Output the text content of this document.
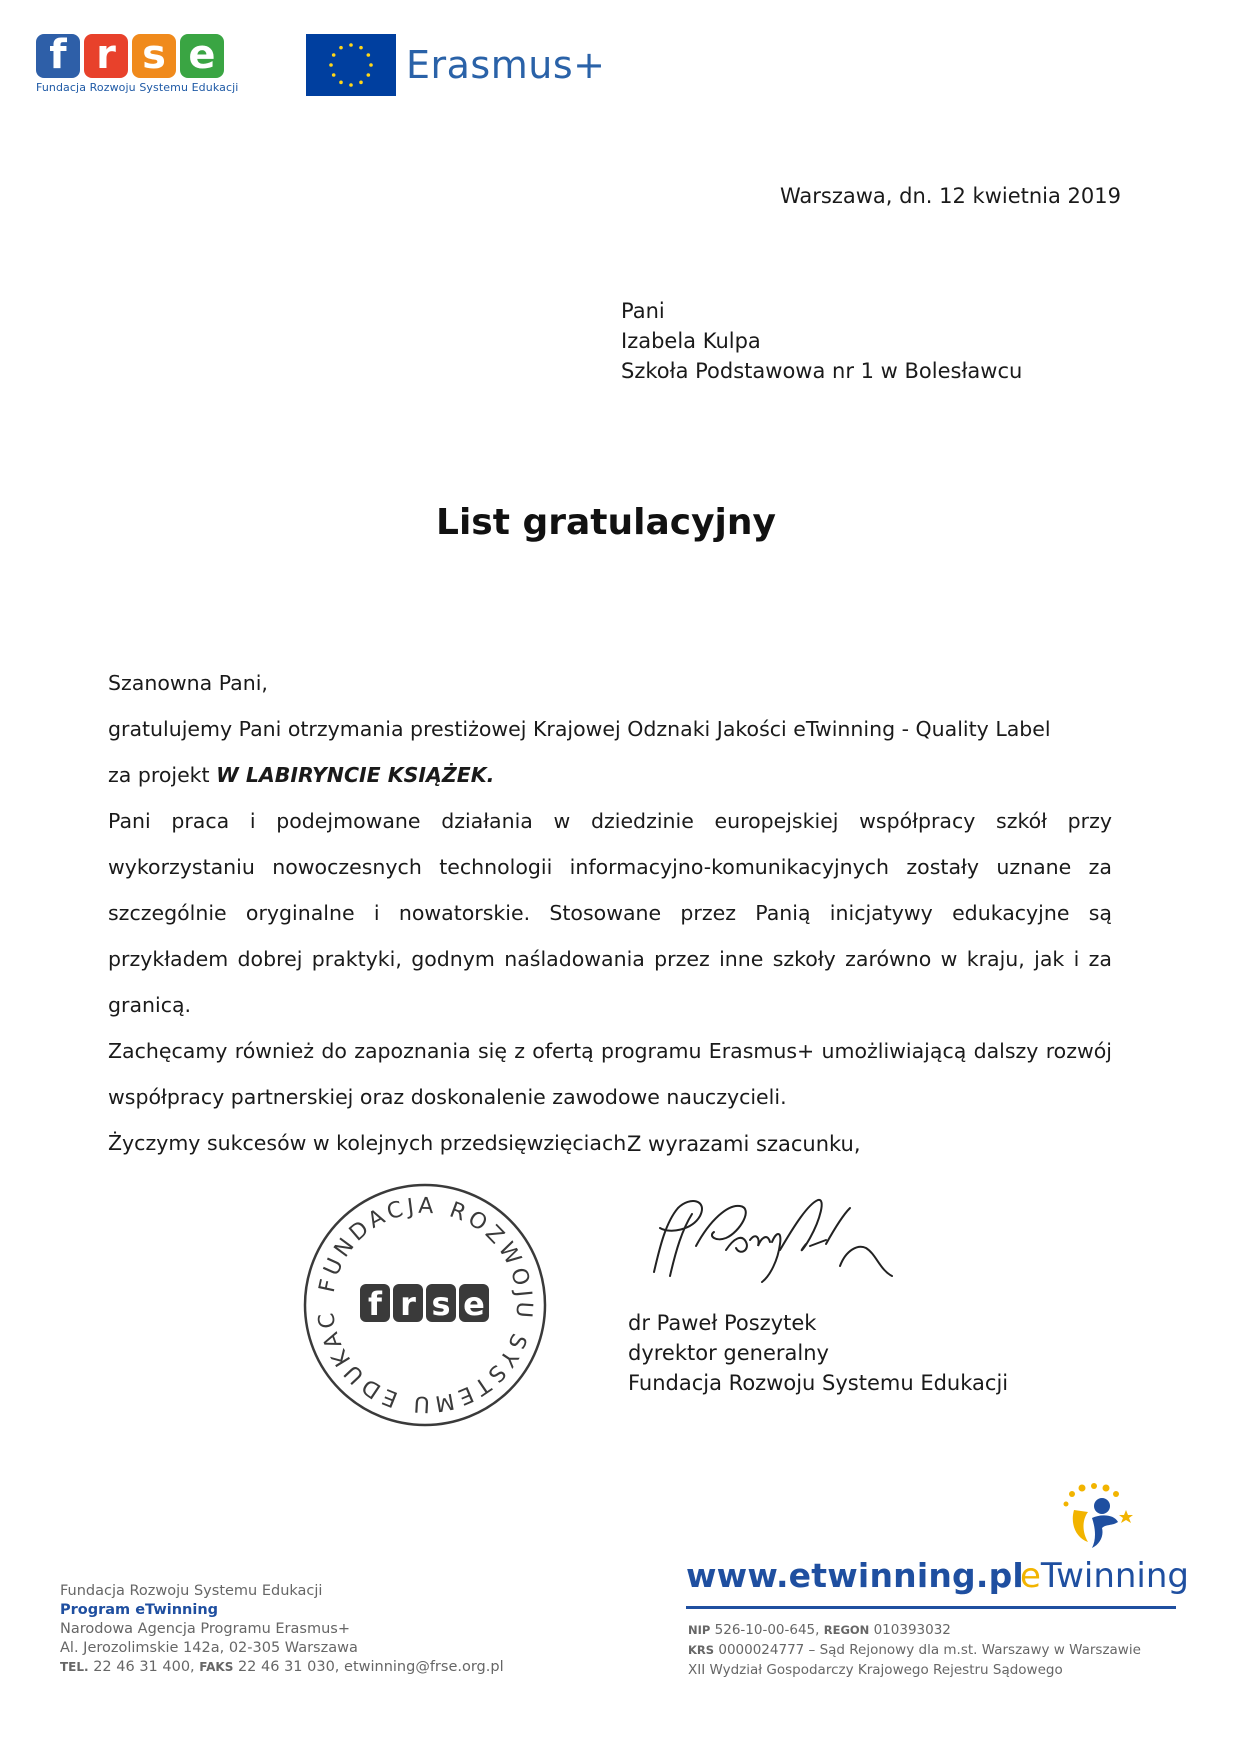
f r s e
Fundacja Rozwoju Systemu Edukacji
Erasmus+
Warszawa, dn. 12 kwietnia 2019
Pani
Izabela Kulpa
Szkoła Podstawowa nr 1 w Bolesławcu
List gratulacyjny

Szanowna Pani,

gratulujemy Pani otrzymania prestiżowej Krajowej Odznaki Jakości eTwinning - Quality Label
za projekt W LABIRYNCIE KSIĄŻEK.

Pani praca i podejmowane działania w dziedzinie europejskiej współpracy szkół przy wykorzystaniu nowoczesnych technologii informacyjno-komunikacyjnych zostały uznane za szczególnie oryginalne i nowatorskie. Stosowane przez Panią inicjatywy edukacyjne są przykładem dobrej praktyki, godnym naśladowania przez inne szkoły zarówno w kraju, jak i za granicą.

Zachęcamy również do zapoznania się z ofertą programu Erasmus+ umożliwiającą dalszy rozwój współpracy partnerskiej oraz doskonalenie zawodowe nauczycieli.

Życzymy sukcesów w kolejnych przedsięwzięciach.

Z wyrazami szacunku,
FUNDACJA ROZWOJU SYSTEMU EDUKAC f r s e	dr Paweł Poszytek
dyrektor generalny
Fundacja Rozwoju Systemu Edukacji
Fundacja Rozwoju Systemu Edukacji
Program eTwinning
Narodowa Agencja Programu Erasmus+
Al. Jerozolimskie 142a, 02-305 Warszawa
TEL. 22 46 31 400, FAKS 22 46 31 030, etwinning@frse.org.pl
www.etwinning.pl
eTwinning
NIP 526-10-00-645, REGON 010393032
KRS 0000024777 – Sąd Rejonowy dla m.st. Warszawy w Warszawie
XII Wydział Gospodarczy Krajowego Rejestru Sądowego
